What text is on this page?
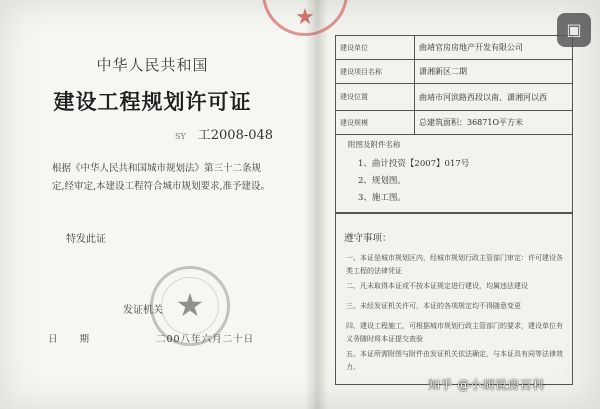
★
中华人民共和国
建设工程规划许可证
SY 工2008-048
根据《中华人民共和国城市规划法》第三十二条规
定,经审定,本建设工程符合城市规划要求,准予建设。
特发此证
★
发证机关
日　　期	二00八年六月二十日
建设单位	曲靖官房房地产开发有限公司
建设项目名称	潇湘新区二期
建设位置	曲靖市河滨路西段以南、潇湘河以西
建设规模	总建筑面积：36871O平方米
附图及附件名称
1、曲计投资【2007】017号
2、规划图。
3、施工图。
遵守事项：
一、本证是城市规划区内，经城市规划行政主管部门审定：许可建设各类工程的法律凭证
二、凡未取得本证或不按本证规定进行建设，均属违法建设
三、未经发证机关许可，本证的各项规定均不得随意变更
四、建设工程施工，可根据城市规划行政主管部门的要求，建设单位有义务随时将本证提交查验
五、本证所需附图与附件由发证机关依法确定，与本证具有同等法律效力。
▣
知乎 @小胡说房百科
